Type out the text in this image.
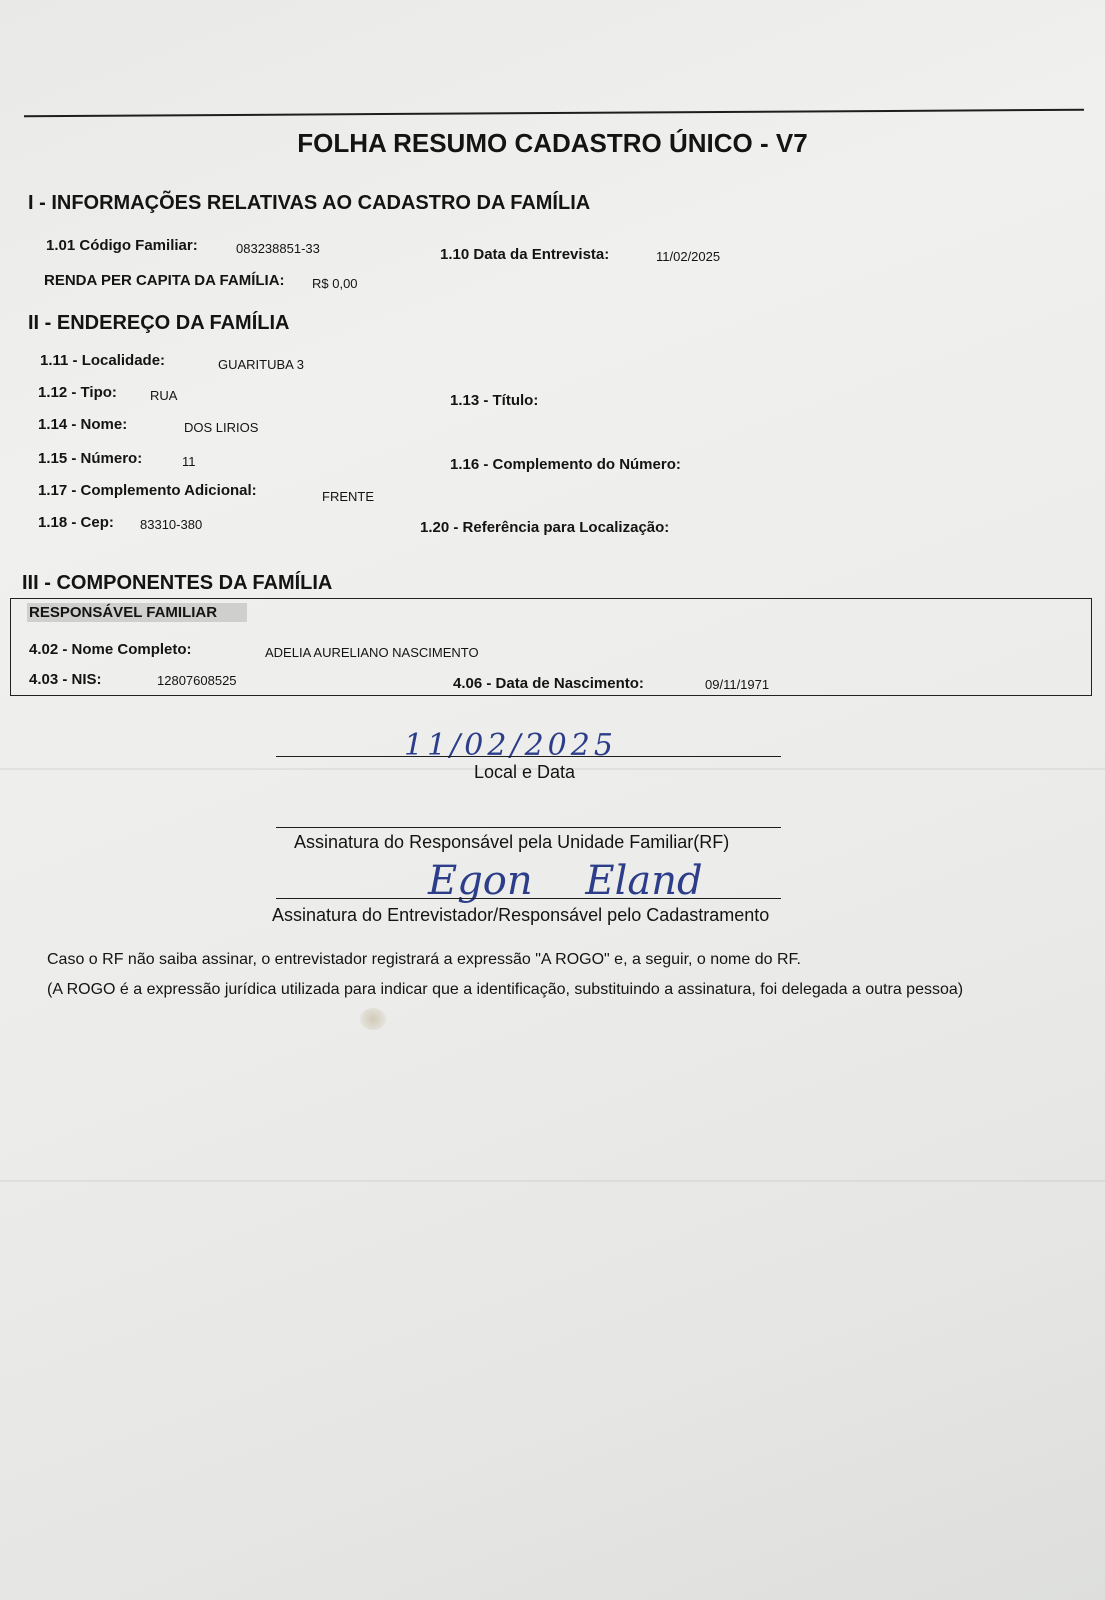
FOLHA RESUMO CADASTRO ÚNICO - V7
I - INFORMAÇÕES RELATIVAS AO CADASTRO DA FAMÍLIA
1.01 Código Familiar:	083238851-33	1.10 Data da Entrevista:	11/02/2025
RENDA PER CAPITA DA FAMÍLIA: R$ 0,00
II - ENDEREÇO DA FAMÍLIA
1.11 - Localidade:	GUARITUBA 3
1.12 - Tipo:	RUA	1.13 - Título:
1.14 - Nome:	DOS LIRIOS
1.15 - Número:	11	1.16 - Complemento do Número:
1.17 - Complemento Adicional:	FRENTE
1.18 - Cep: 83310-380	1.20 - Referência para Localização:
III - COMPONENTES DA FAMÍLIA
RESPONSÁVEL FAMILIAR
4.02 - Nome Completo:	ADELIA AURELIANO NASCIMENTO
4.03 - NIS:	12807608525	4.06 - Data de Nascimento:	09/11/1971
11/02/2025
Local e Data
Assinatura do Responsável pela Unidade Familiar(RF)
Egon Eland
Assinatura do Entrevistador/Responsável pelo Cadastramento
Caso o RF não saiba assinar, o entrevistador registrará a expressão "A ROGO" e, a seguir, o nome do RF.
(A ROGO é a expressão jurídica utilizada para indicar que a identificação, substituindo a assinatura, foi delegada a outra pessoa)
